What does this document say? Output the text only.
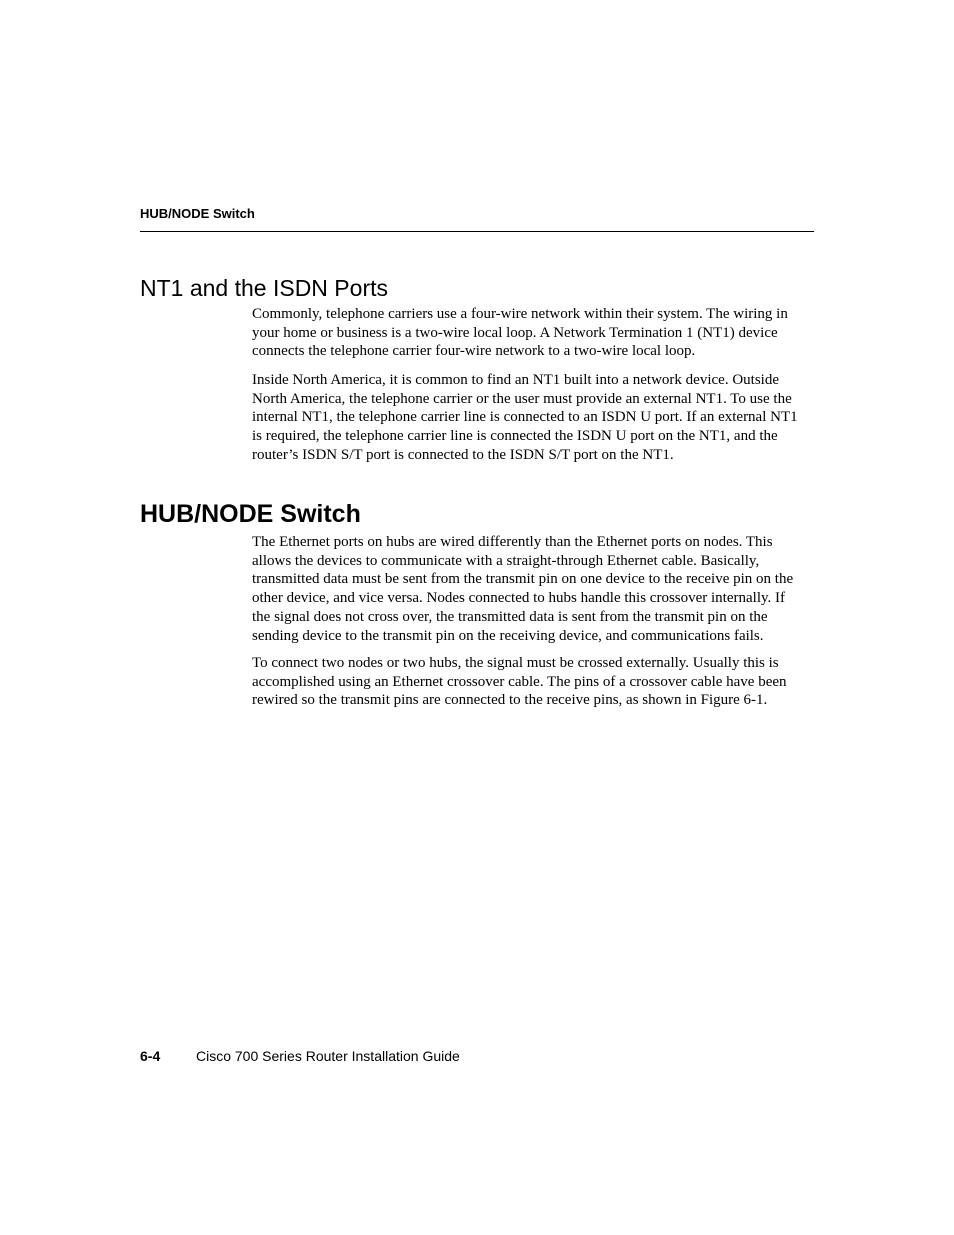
HUB/NODE Switch
NT1 and the ISDN Ports

Commonly, telephone carriers use a four-wire network within their system. The wiring in
your home or business is a two-wire local loop. A Network Termination 1 (NT1) device
connects the telephone carrier four-wire network to a two-wire local loop.

Inside North America, it is common to find an NT1 built into a network device. Outside
North America, the telephone carrier or the user must provide an external NT1. To use the
internal NT1, the telephone carrier line is connected to an ISDN U port. If an external NT1
is required, the telephone carrier line is connected the ISDN U port on the NT1, and the
router’s ISDN S/T port is connected to the ISDN S/T port on the NT1.

HUB/NODE Switch

The Ethernet ports on hubs are wired differently than the Ethernet ports on nodes. This
allows the devices to communicate with a straight-through Ethernet cable. Basically,
transmitted data must be sent from the transmit pin on one device to the receive pin on the
other device, and vice versa. Nodes connected to hubs handle this crossover internally. If
the signal does not cross over, the transmitted data is sent from the transmit pin on the
sending device to the transmit pin on the receiving device, and communications fails.

To connect two nodes or two hubs, the signal must be crossed externally. Usually this is
accomplished using an Ethernet crossover cable. The pins of a crossover cable have been
rewired so the transmit pins are connected to the receive pins, as shown in Figure 6-1.

6-4	Cisco 700 Series Router Installation Guide
